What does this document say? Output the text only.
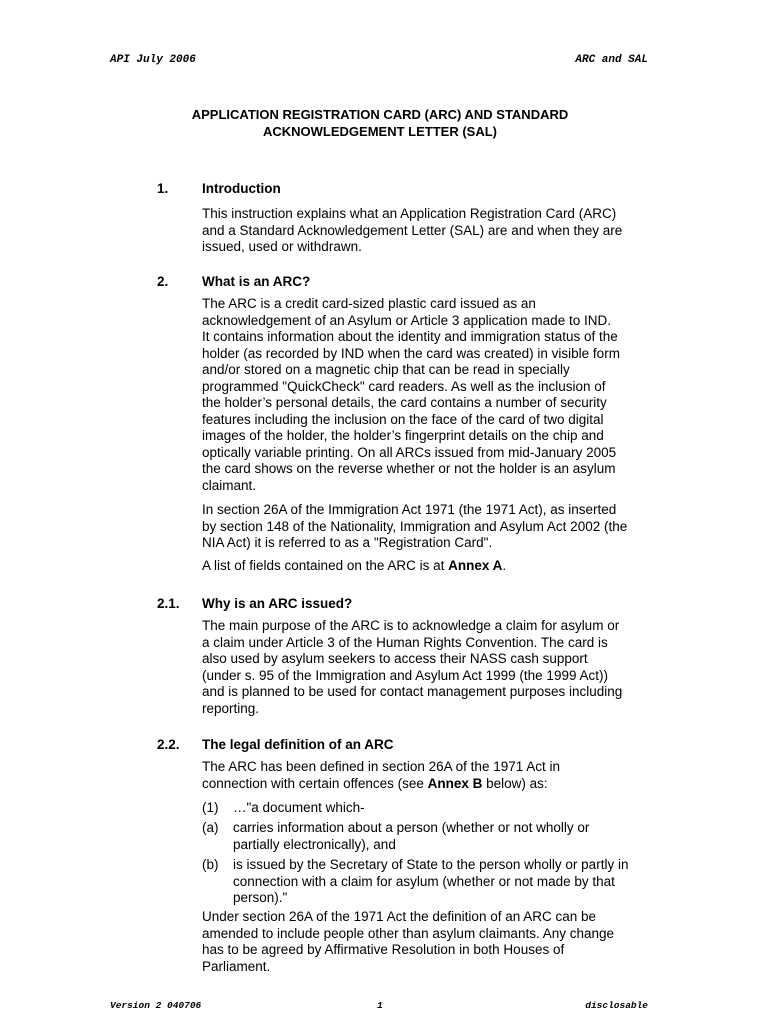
API July 2006	ARC and SAL
APPLICATION REGISTRATION CARD (ARC) AND STANDARD
ACKNOWLEDGEMENT LETTER (SAL)
1. Introduction
This instruction explains what an Application Registration Card (ARC)
and a Standard Acknowledgement Letter (SAL) are and when they are
issued, used or withdrawn.
2. What is an ARC?
The ARC is a credit card-sized plastic card issued as an
acknowledgement of an Asylum or Article 3 application made to IND.
It contains information about the identity and immigration status of the
holder (as recorded by IND when the card was created) in visible form
and/or stored on a magnetic chip that can be read in specially
programmed "QuickCheck" card readers. As well as the inclusion of
the holder’s personal details, the card contains a number of security
features including the inclusion on the face of the card of two digital
images of the holder, the holder’s fingerprint details on the chip and
optically variable printing. On all ARCs issued from mid-January 2005
the card shows on the reverse whether or not the holder is an asylum
claimant.
In section 26A of the Immigration Act 1971 (the 1971 Act), as inserted
by section 148 of the Nationality, Immigration and Asylum Act 2002 (the
NIA Act) it is referred to as a "Registration Card".
A list of fields contained on the ARC is at Annex A.
2.1. Why is an ARC issued?
The main purpose of the ARC is to acknowledge a claim for asylum or
a claim under Article 3 of the Human Rights Convention. The card is
also used by asylum seekers to access their NASS cash support
(under s. 95 of the Immigration and Asylum Act 1999 (the 1999 Act))
and is planned to be used for contact management purposes including
reporting.
2.2. The legal definition of an ARC
The ARC has been defined in section 26A of the 1971 Act in
connection with certain offences (see Annex B below) as:
(1) …"a document which-
(a) carries information about a person (whether or not wholly or
partially electronically), and
(b) is issued by the Secretary of State to the person wholly or partly in
connection with a claim for asylum (whether or not made by that
person)."
Under section 26A of the 1971 Act the definition of an ARC can be
amended to include people other than asylum claimants. Any change
has to be agreed by Affirmative Resolution in both Houses of
Parliament.
Version 2 040706	1	disclosable
